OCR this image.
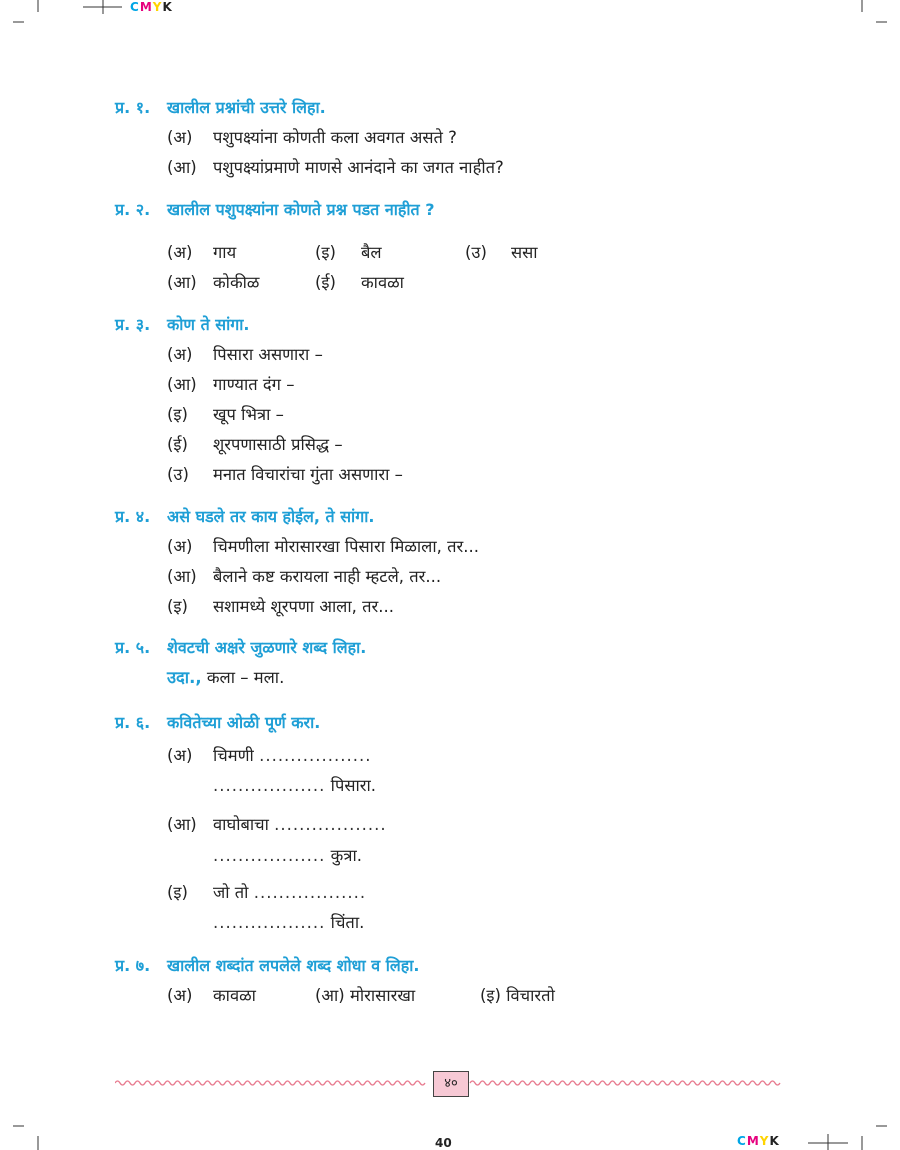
CMYK
प्र. १. खालील प्रश्नांची उत्तरे लिहा.
(अ) पशुपक्ष्यांना कोणती कला अवगत असते ?
(आ) पशुपक्ष्यांप्रमाणे माणसे आनंदाने का जगत नाहीत?
प्र. २. खालील पशुपक्ष्यांना कोणते प्रश्न पडत नाहीत ?
(अ) गाय	(इ) बैल	(उ) ससा
(आ) कोकीळ	(ई) कावळा
प्र. ३. कोण ते सांगा.
(अ) पिसारा असणारा –
(आ) गाण्यात दंग –
(इ) खूप भित्रा –
(ई) शूरपणासाठी प्रसिद्ध –
(उ) मनात विचारांचा गुंता असणारा –
प्र. ४. असे घडले तर काय होईल, ते सांगा.
(अ) चिमणीला मोरासारखा पिसारा मिळाला, तर...
(आ) बैलाने कष्ट करायला नाही म्हटले, तर...
(इ) सशामध्ये शूरपणा आला, तर...
प्र. ५. शेवटची अक्षरे जुळणारे शब्द लिहा.
उदा., कला – मला.
प्र. ६. कवितेच्या ओळी पूर्ण करा.
(अ) चिमणी ..................
.................. पिसारा.
(आ) वाघोबाचा ..................
.................. कुत्रा.
(इ) जो तो ..................
.................. चिंता.
प्र. ७. खालील शब्दांत लपलेले शब्द शोधा व लिहा.
(अ) कावळा	(आ) मोरासारखा	(इ) विचारतो
४०
40	CMYK
